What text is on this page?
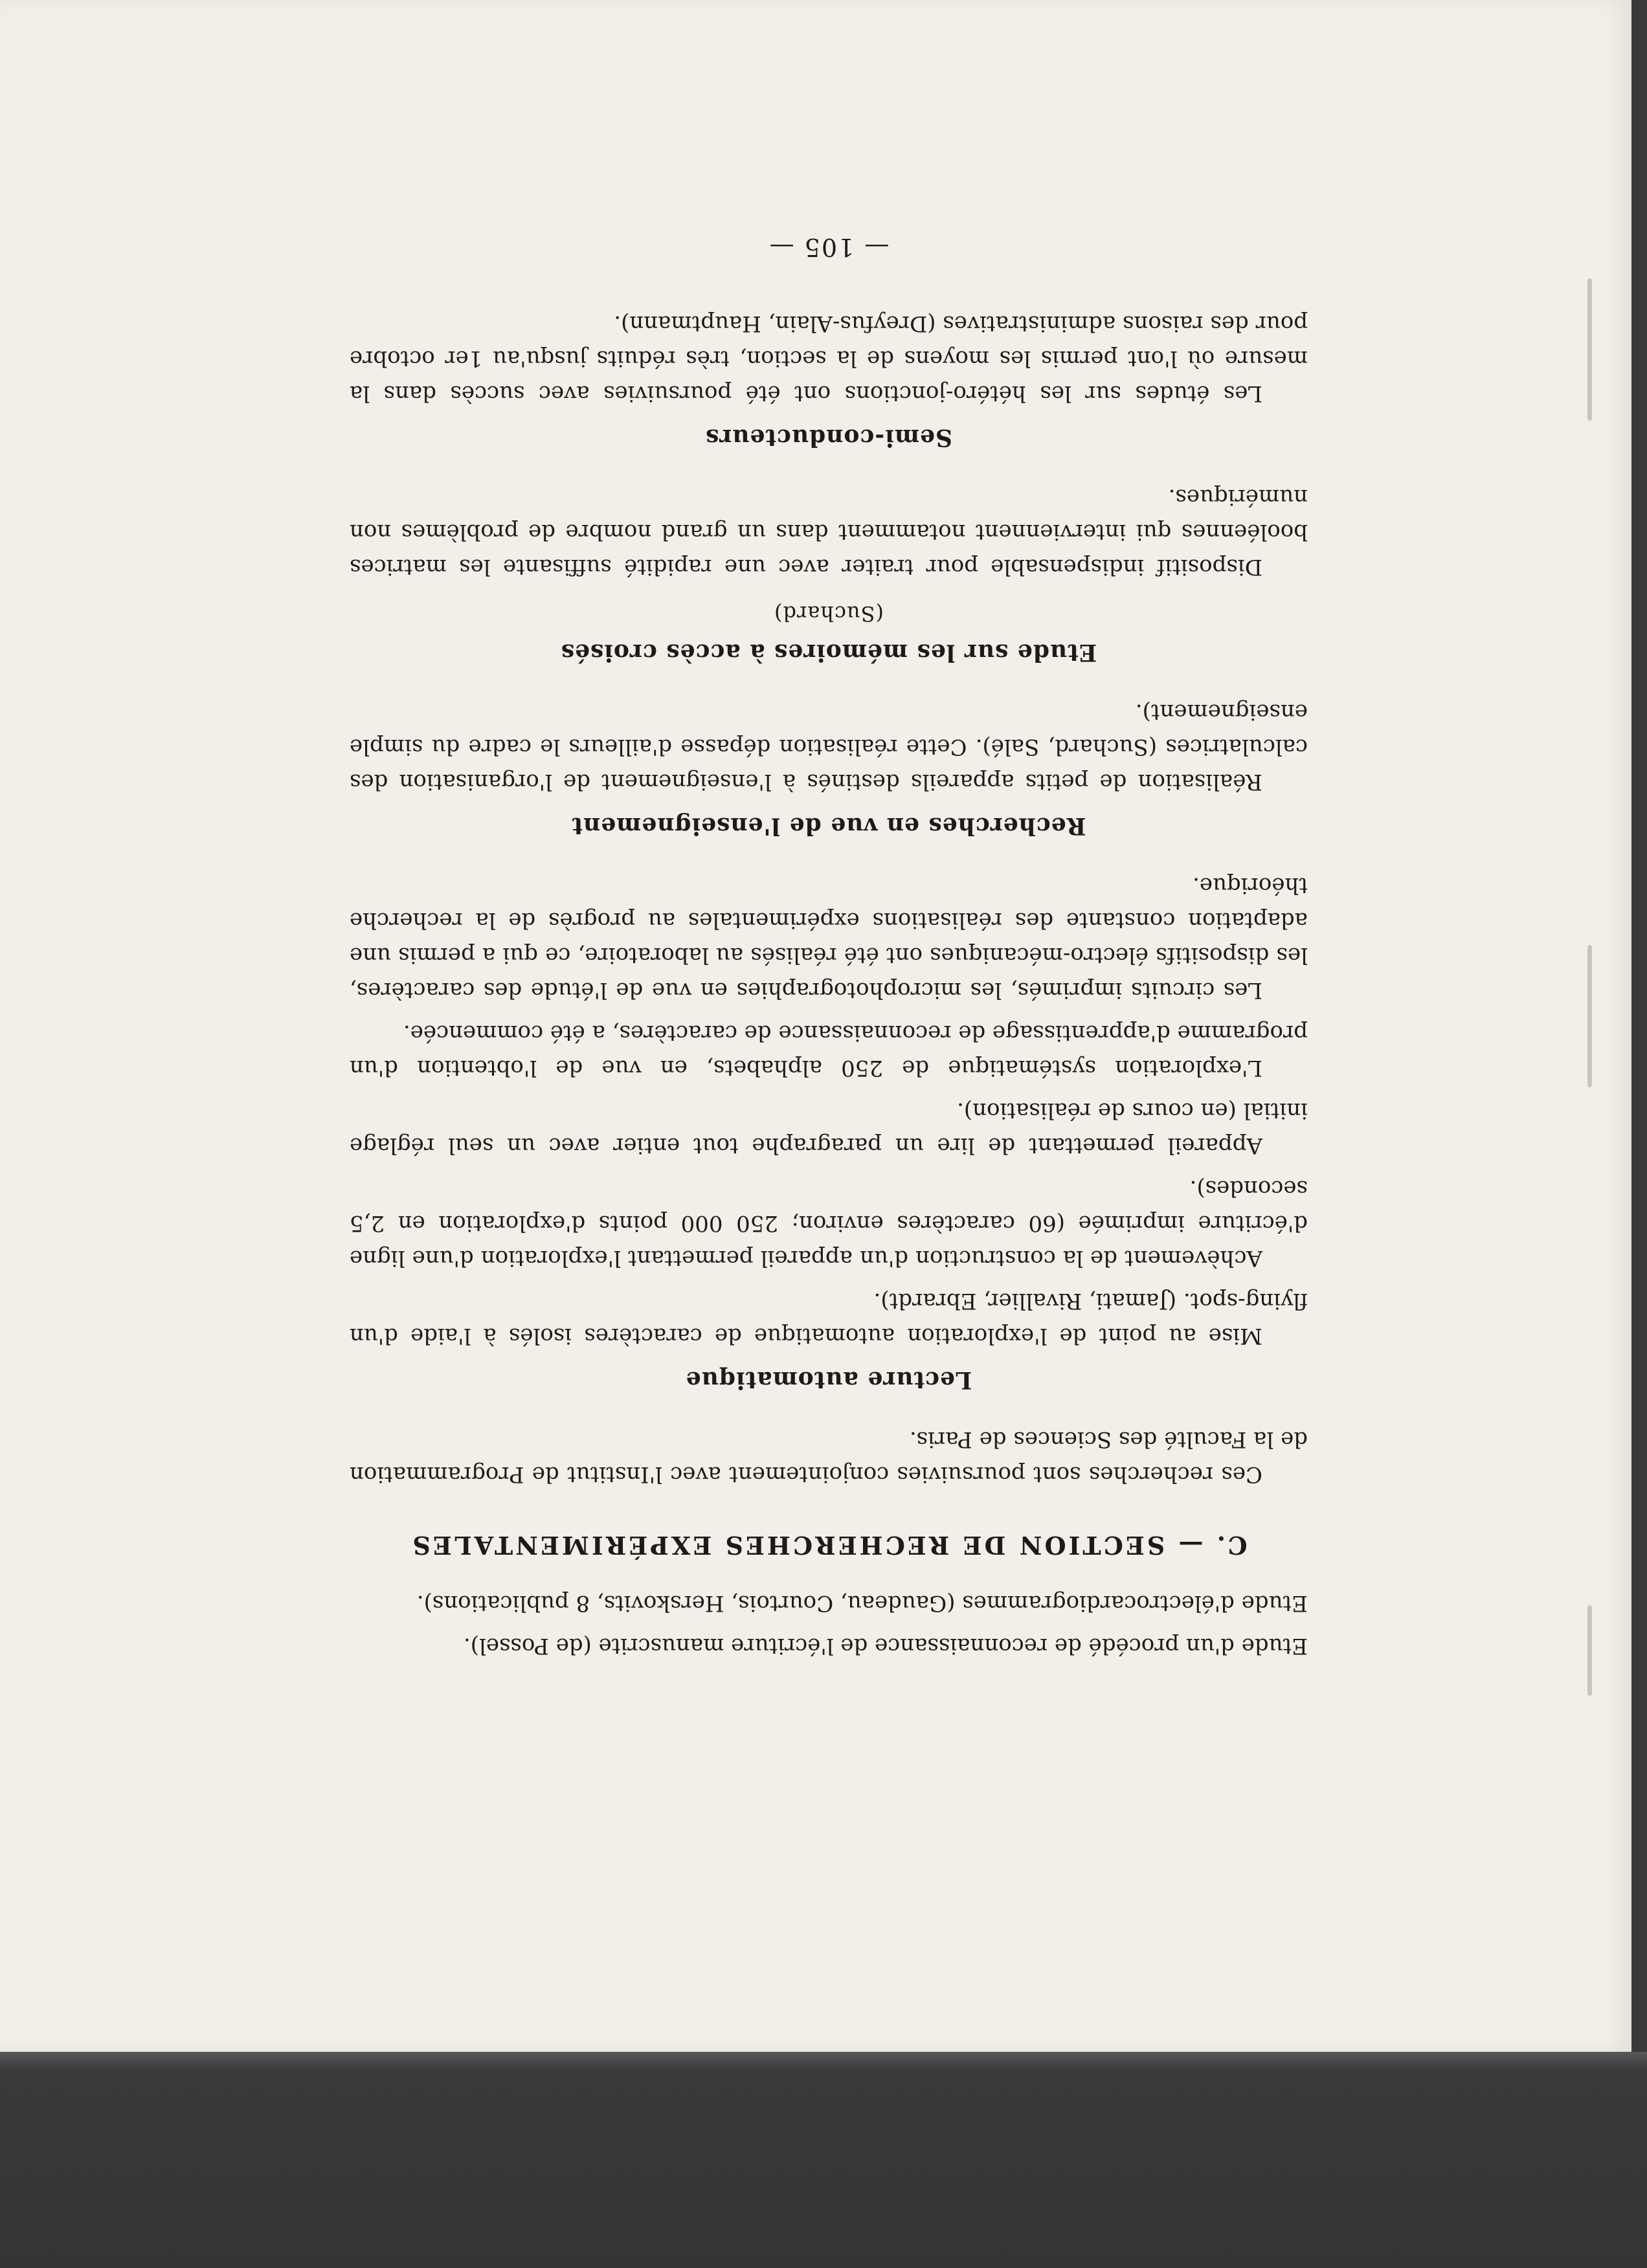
Etude d'un procédé de reconnaissance de l'écriture manuscrite (de Possel).

Etude d'électrocardiogrammes (Gaudeau, Courtois, Herskovits, 8 publications).

C. — SECTION DE RECHERCHES EXPÉRIMENTALES

Ces recherches sont poursuivies conjointement avec l'Institut de Programmation de la Faculté des Sciences de Paris.

Lecture automatique

Mise au point de l'exploration automatique de caractères isolés à l'aide d'un flying-spot. (Jamati, Rivallier, Ebrardt).

Achèvement de la construction d'un appareil permettant l'exploration d'une ligne d'écriture imprimée (60 caractères environ; 250 000 points d'exploration en 2,5 secondes).

Appareil permettant de lire un paragraphe tout entier avec un seul réglage initial (en cours de réalisation).

L'exploration systématique de 250 alphabets, en vue de l'obtention d'un programme d'apprentissage de reconnaissance de caractères, a été commencée.

Les circuits imprimés, les microphotographies en vue de l'étude des caractères, les dispositifs électro-mécaniques ont été réalisés au laboratoire, ce qui a permis une adaptation constante des réalisations expérimentales au progrès de la recherche théorique.

Recherches en vue de l'enseignement

Réalisation de petits appareils destinés à l'enseignement de l'organisation des calculatrices (Suchard, Salé). Cette réalisation dépasse d'ailleurs le cadre du simple enseignement).

Etude sur les mémoires à accès croisés
(Suchard)

Dispositif indispensable pour traiter avec une rapidité suffisante les matrices booléennes qui interviennent notamment dans un grand nombre de problèmes non numériques.

Semi-conducteurs

Les études sur les hétéro-jonctions ont été poursuivies avec succès dans la mesure où l'ont permis les moyens de la section, très réduits jusqu'au 1er octobre pour des raisons administratives (Dreyfus-Alain, Hauptmann).

— 105 —
